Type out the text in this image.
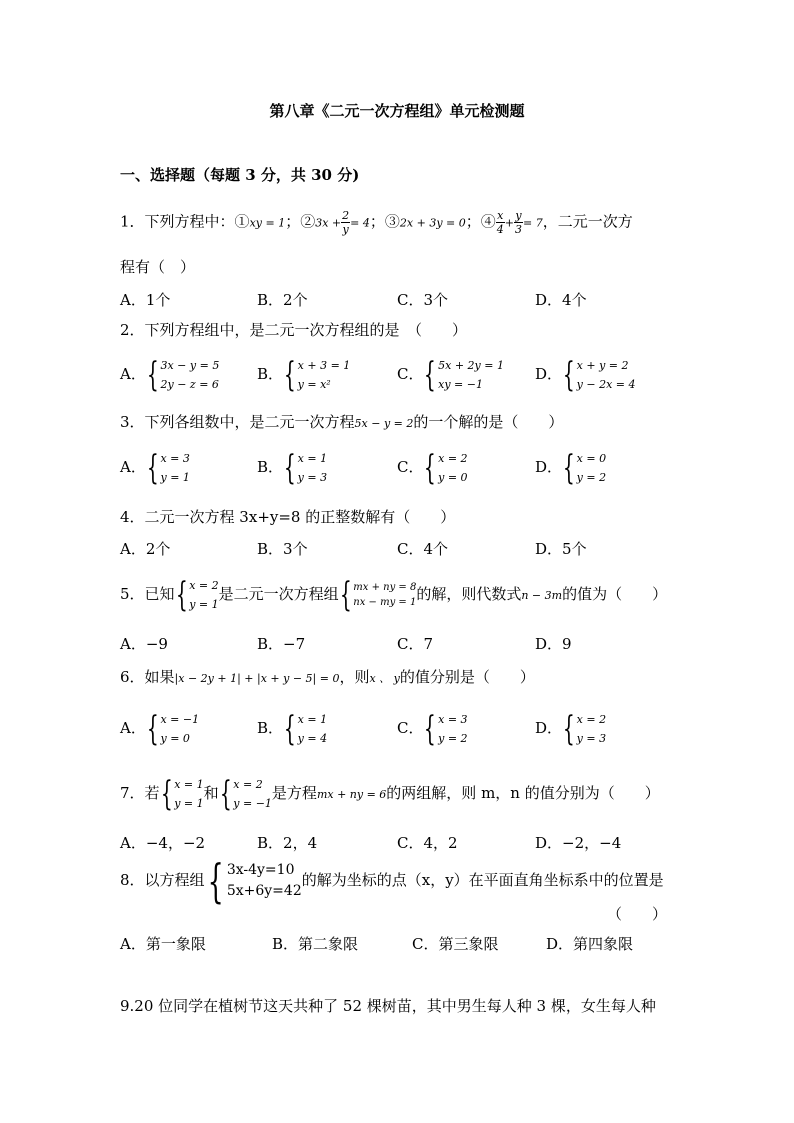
第八章《二元一次方程组》单元检测题
一、选择题（每题 3 分，共 30 分)
1．下列方程中：①xy = 1；②3x + $\frac{2}{y} = 4$；③2x + 3y = 0；④ $\frac{x}{4} + \frac{y}{3} = 7$，二元一次方
程有（　）
A．1个	B．2个	C．3个	D．4个
2．下列方程组中，是二元一次方程组的是　（　　）
A． { 3x − y = 5
2y − z = 6
B． { x + 3 = 1
y = x²
C． { 5x + 2y = 1
xy = −1
D． { x + y = 2
y − 2x = 4
3．下列各组数中，是二元一次方程5x − y = 2的一个解的是（　　）
A． { x = 3
y = 1
B． { x = 1
y = 3
C． { x = 2
y = 0
D． { x = 0
y = 2
4．二元一次方程 3x+y=8 的正整数解有（　　）
A．2个	B．3个	C．4个	D．5个
5．已知 { x = 2
y = 1
是二元一次方程组 { mx + ny = 8
nx − my = 1 的解，则代数式n − 3m的值为（　　）
A．−9	B．−7	C．7	D．9
6．如果|x − 2y + 1| + |x + y − 5| = 0，则x 、 y的值分别是（　　）
A． { x = −1
y = 0
B． { x = 1
y = 4
C． { x = 3
y = 2
D． { x = 2
y = 3
7．若 { x = 1
y = 1
和 { x = 2
y = −1
是方程mx + ny = 6的两组解，则 m，n 的值分别为（　　）
A．−4，−2	B．2，4	C．4，2	D．−2，−4
8．以方程组 { 3x-4y=10
5x+6y=42
的解为坐标的点（x，y）在平面直角坐标系中的位置是
（　　）
A．第一象限	B．第二象限	C．第三象限	D．第四象限
9.20 位同学在植树节这天共种了 52 棵树苗，其中男生每人种 3 棵，女生每人种
